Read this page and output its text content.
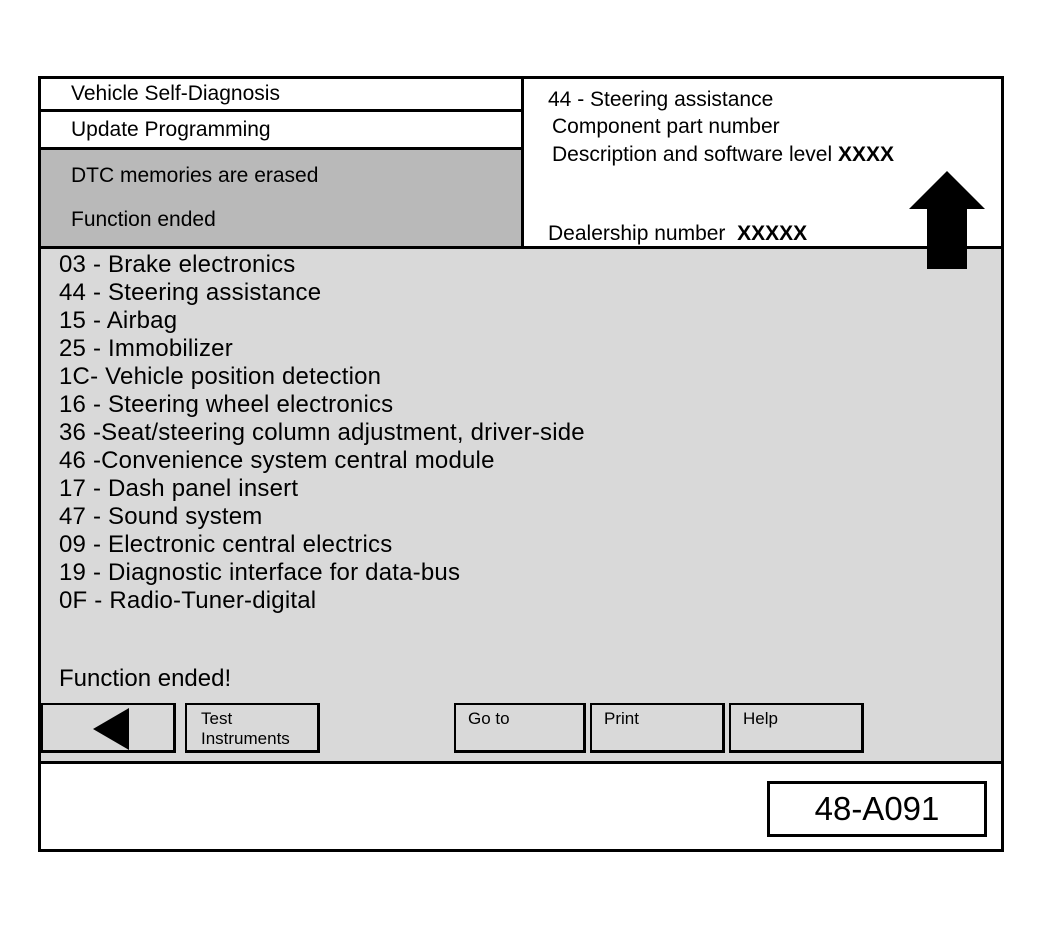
Vehicle Self-Diagnosis
Update Programming
DTC memories are erased
Function ended
44 - Steering assistance
Component part number
Description and software level XXXX
Dealership number XXXXX
03 - Brake electronics
44 - Steering assistance
15 - Airbag
25 - Immobilizer
1C- Vehicle position detection
16 - Steering wheel electronics
36 -Seat/steering column adjustment, driver-side
46 -Convenience system central module
17 - Dash panel insert
47 - Sound system
09 - Electronic central electrics
19 - Diagnostic interface for data-bus
0F - Radio-Tuner-digital
Function ended!
Test
Instruments
Go to	Print	Help
48-A091
